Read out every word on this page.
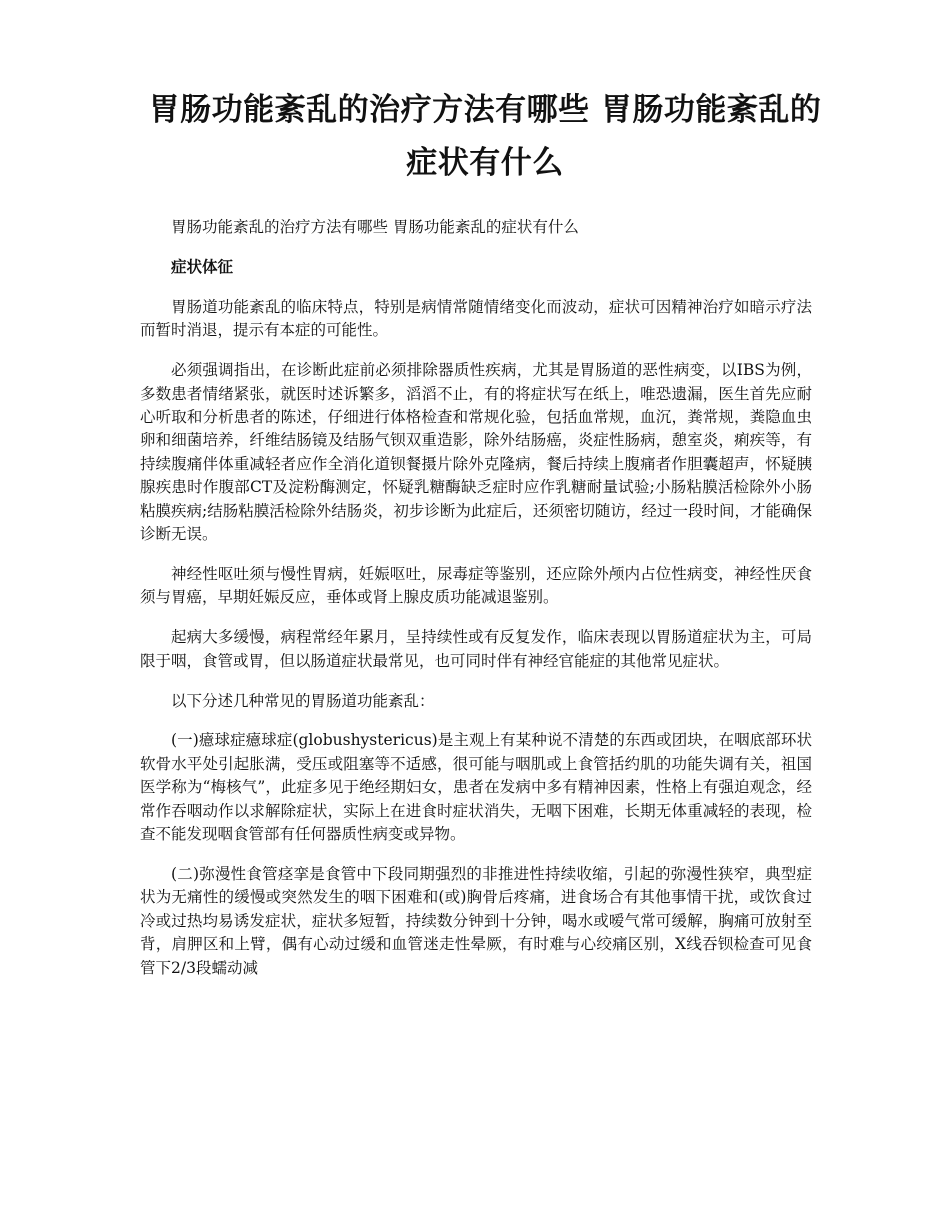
胃肠功能紊乱的治疗方法有哪些 胃肠功能紊乱的症状有什么

胃肠功能紊乱的治疗方法有哪些 胃肠功能紊乱的症状有什么

症状体征

胃肠道功能紊乱的临床特点，特别是病情常随情绪变化而波动，症状可因精神治疗如暗示疗法而暂时消退，提示有本症的可能性。

必须强调指出，在诊断此症前必须排除器质性疾病，尤其是胃肠道的恶性病变，以IBS为例，多数患者情绪紧张，就医时述诉繁多，滔滔不止，有的将症状写在纸上，唯恐遗漏，医生首先应耐心听取和分析患者的陈述，仔细进行体格检查和常规化验，包括血常规，血沉，粪常规，粪隐血虫卵和细菌培养，纤维结肠镜及结肠气钡双重造影，除外结肠癌，炎症性肠病，憩室炎，痢疾等，有持续腹痛伴体重减轻者应作全消化道钡餐摄片除外克隆病，餐后持续上腹痛者作胆囊超声，怀疑胰腺疾患时作腹部CT及淀粉酶测定，怀疑乳糖酶缺乏症时应作乳糖耐量试验;小肠粘膜活检除外小肠粘膜疾病;结肠粘膜活检除外结肠炎，初步诊断为此症后，还须密切随访，经过一段时间，才能确保诊断无误。

神经性呕吐须与慢性胃病，妊娠呕吐，尿毒症等鉴别，还应除外颅内占位性病变，神经性厌食须与胃癌，早期妊娠反应，垂体或肾上腺皮质功能减退鉴别。

起病大多缓慢，病程常经年累月，呈持续性或有反复发作，临床表现以胃肠道症状为主，可局限于咽，食管或胃，但以肠道症状最常见，也可同时伴有神经官能症的其他常见症状。

以下分述几种常见的胃肠道功能紊乱：

(一)癔球症癔球症(globushystericus)是主观上有某种说不清楚的东西或团块，在咽底部环状软骨水平处引起胀满，受压或阻塞等不适感，很可能与咽肌或上食管括约肌的功能失调有关，祖国医学称为“梅核气”，此症多见于绝经期妇女，患者在发病中多有精神因素，性格上有强迫观念，经常作吞咽动作以求解除症状，实际上在进食时症状消失，无咽下困难，长期无体重减轻的表现，检查不能发现咽食管部有任何器质性病变或异物。

(二)弥漫性食管痉挛是食管中下段同期强烈的非推进性持续收缩，引起的弥漫性狭窄，典型症状为无痛性的缓慢或突然发生的咽下困难和(或)胸骨后疼痛，进食场合有其他事情干扰，或饮食过冷或过热均易诱发症状，症状多短暂，持续数分钟到十分钟，喝水或嗳气常可缓解，胸痛可放射至背，肩胛区和上臂，偶有心动过缓和血管迷走性晕厥，有时难与心绞痛区别，X线吞钡检查可见食管下2/3段蠕动减
